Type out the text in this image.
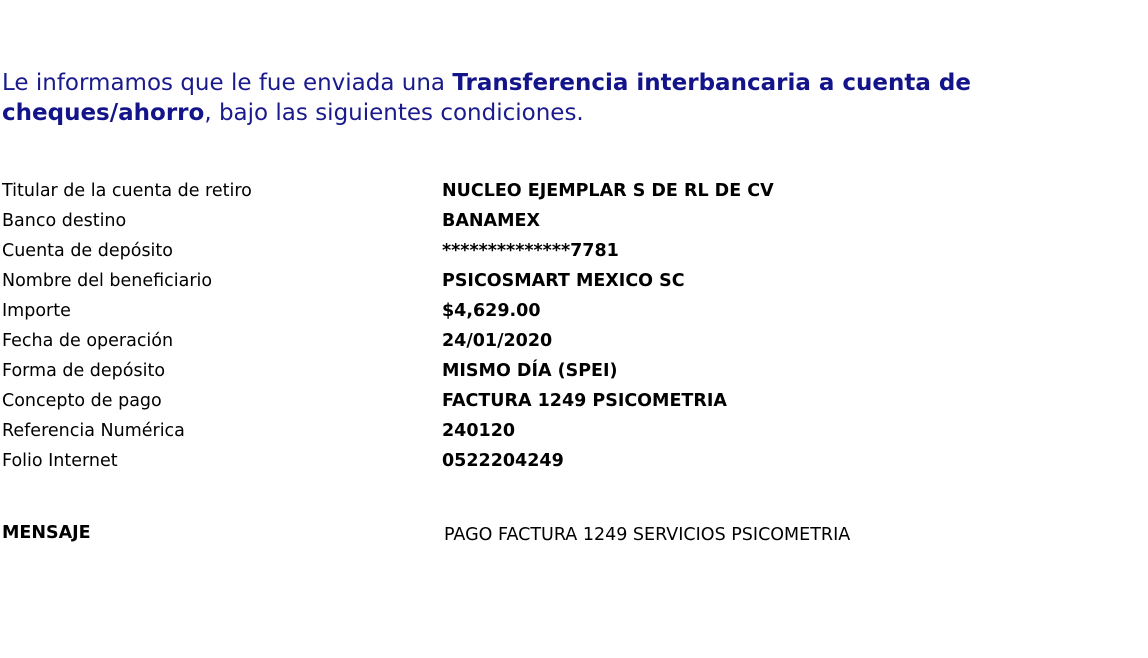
Le informamos que le fue enviada una Transferencia interbancaria a cuenta de cheques/ahorro, bajo las siguientes condiciones.
Titular de la cuenta de retiro	NUCLEO EJEMPLAR S DE RL DE CV
Banco destino	BANAMEX
Cuenta de depósito	**************7781
Nombre del beneficiario	PSICOSMART MEXICO SC
Importe	$4,629.00
Fecha de operación	24/01/2020
Forma de depósito	MISMO DÍA (SPEI)
Concepto de pago	FACTURA 1249 PSICOMETRIA
Referencia Numérica	240120
Folio Internet	0522204249
MENSAJE	PAGO FACTURA 1249 SERVICIOS PSICOMETRIA
